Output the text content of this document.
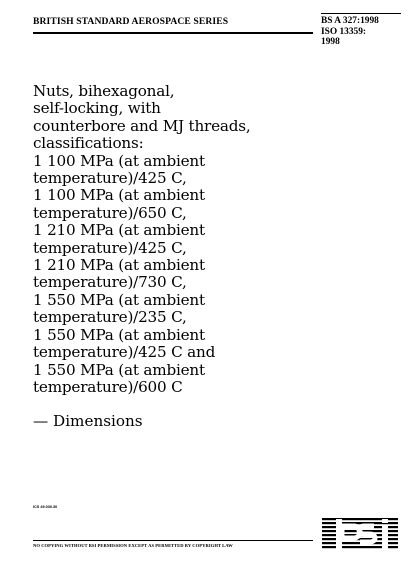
BRITISH STANDARD AEROSPACE SERIES	BS A 327:1998
ISO 13359:
1998
Nuts, bihexagonal,
self-locking, with
counterbore and MJ threads,
classifications:
1 100 MPa (at ambient
temperature)/425 C,
1 100 MPa (at ambient
temperature)/650 C,
1 210 MPa (at ambient
temperature)/425 C,
1 210 MPa (at ambient
temperature)/730 C,
1 550 MPa (at ambient
temperature)/235 C,
1 550 MPa (at ambient
temperature)/425 C and
1 550 MPa (at ambient
temperature)/600 C
— Dimensions
ICS 49.030.30
NO COPYING WITHOUT BSI PERMISSION EXCEPT AS PERMITTED BY COPYRIGHT LAW
